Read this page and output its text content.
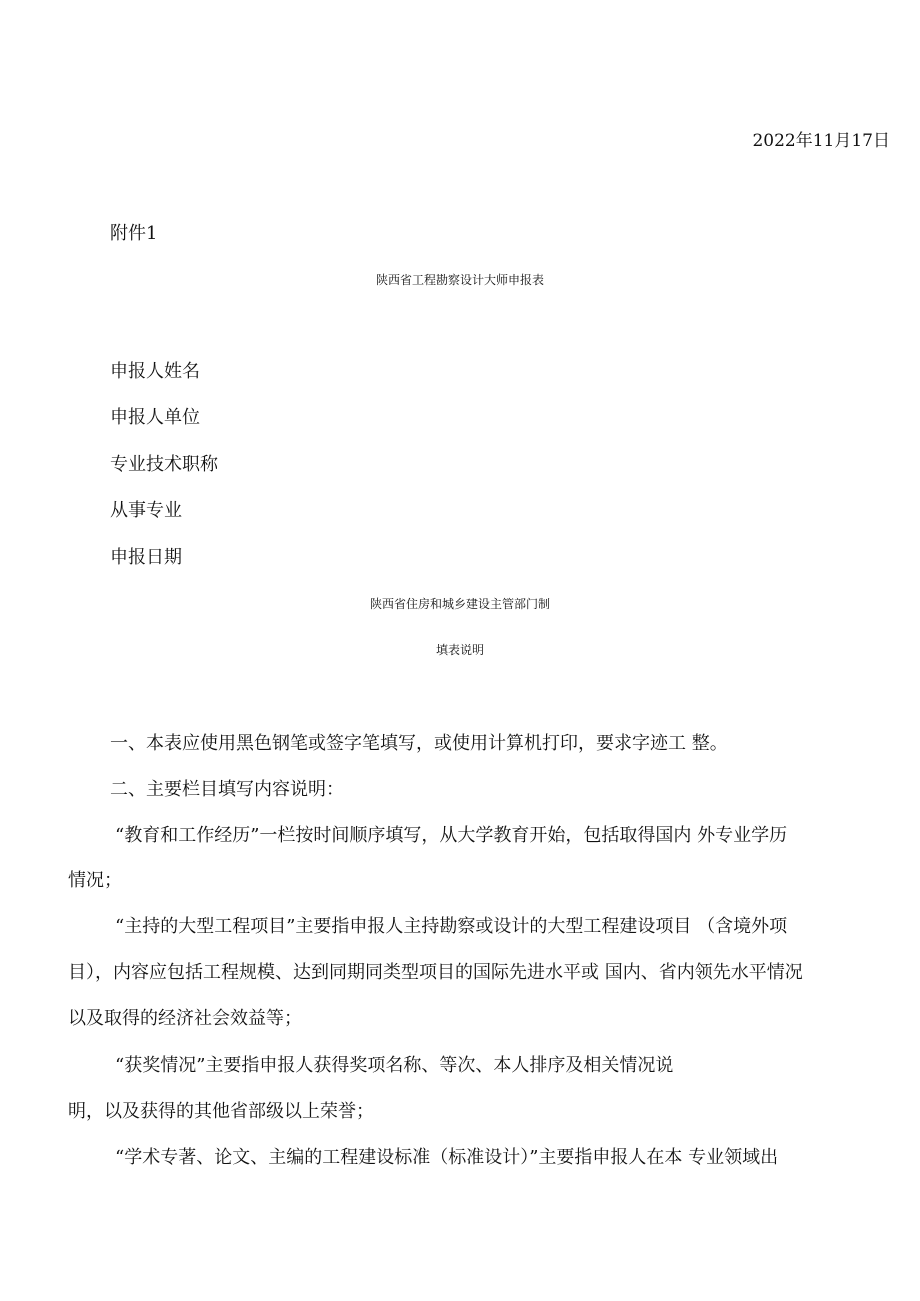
2022年11月17日
附件1
陕西省工程勘察设计大师申报表
申报人姓名
申报人单位
专业技术职称
从事专业
申报日期
陕西省住房和城乡建设主管部门制
填表说明
一、本表应使用黑色钢笔或签字笔填写，或使用计算机打印，要求字迹工 整。
二、主要栏目填写内容说明：
“教育和工作经历”一栏按时间顺序填写，从大学教育开始，包括取得国内 外专业学历
情况；
“主持的大型工程项目”主要指申报人主持勘察或设计的大型工程建设项目 （含境外项
目），内容应包括工程规模、达到同期同类型项目的国际先进水平或 国内、省内领先水平情况
以及取得的经济社会效益等；
“获奖情况”主要指申报人获得奖项名称、等次、本人排序及相关情况说
明，以及获得的其他省部级以上荣誉；
“学术专著、论文、主编的工程建设标准（标准设计）”主要指申报人在本 专业领域出
